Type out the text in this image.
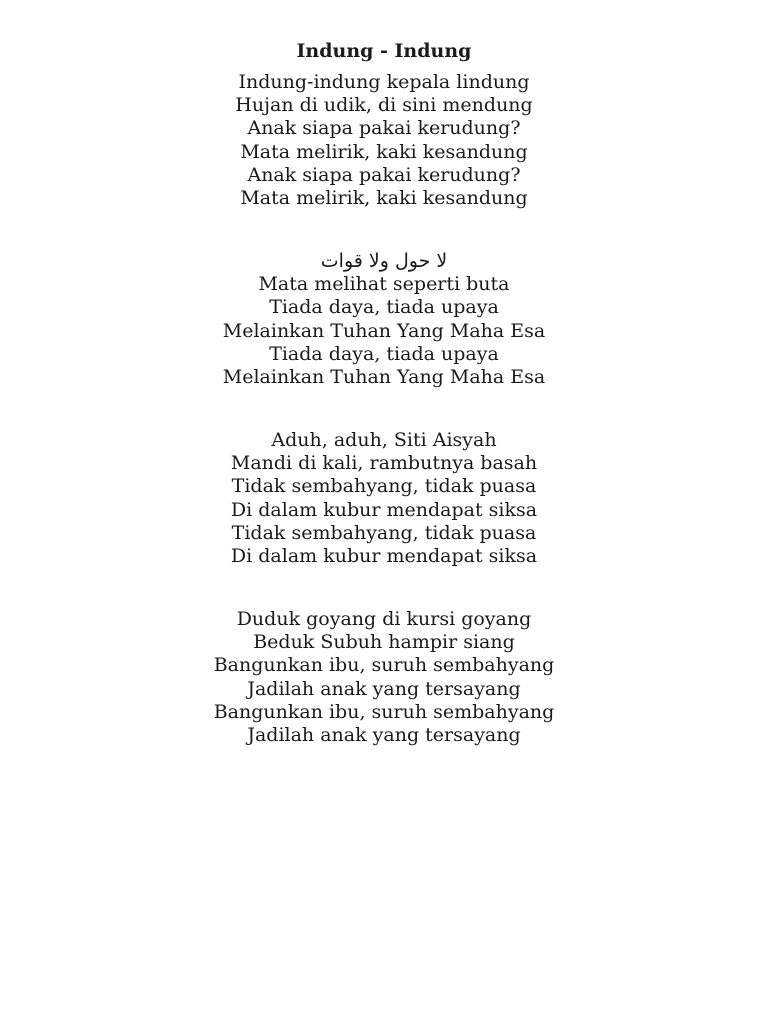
Indung - Indung
Indung-indung kepala lindung
Hujan di udik, di sini mendung
Anak siapa pakai kerudung?
Mata melirik, kaki kesandung
Anak siapa pakai kerudung?
Mata melirik, kaki kesandung
لا حول ولا قوات
Mata melihat seperti buta
Tiada daya, tiada upaya
Melainkan Tuhan Yang Maha Esa
Tiada daya, tiada upaya
Melainkan Tuhan Yang Maha Esa
Aduh, aduh, Siti Aisyah
Mandi di kali, rambutnya basah
Tidak sembahyang, tidak puasa
Di dalam kubur mendapat siksa
Tidak sembahyang, tidak puasa
Di dalam kubur mendapat siksa
Duduk goyang di kursi goyang
Beduk Subuh hampir siang
Bangunkan ibu, suruh sembahyang
Jadilah anak yang tersayang
Bangunkan ibu, suruh sembahyang
Jadilah anak yang tersayang
